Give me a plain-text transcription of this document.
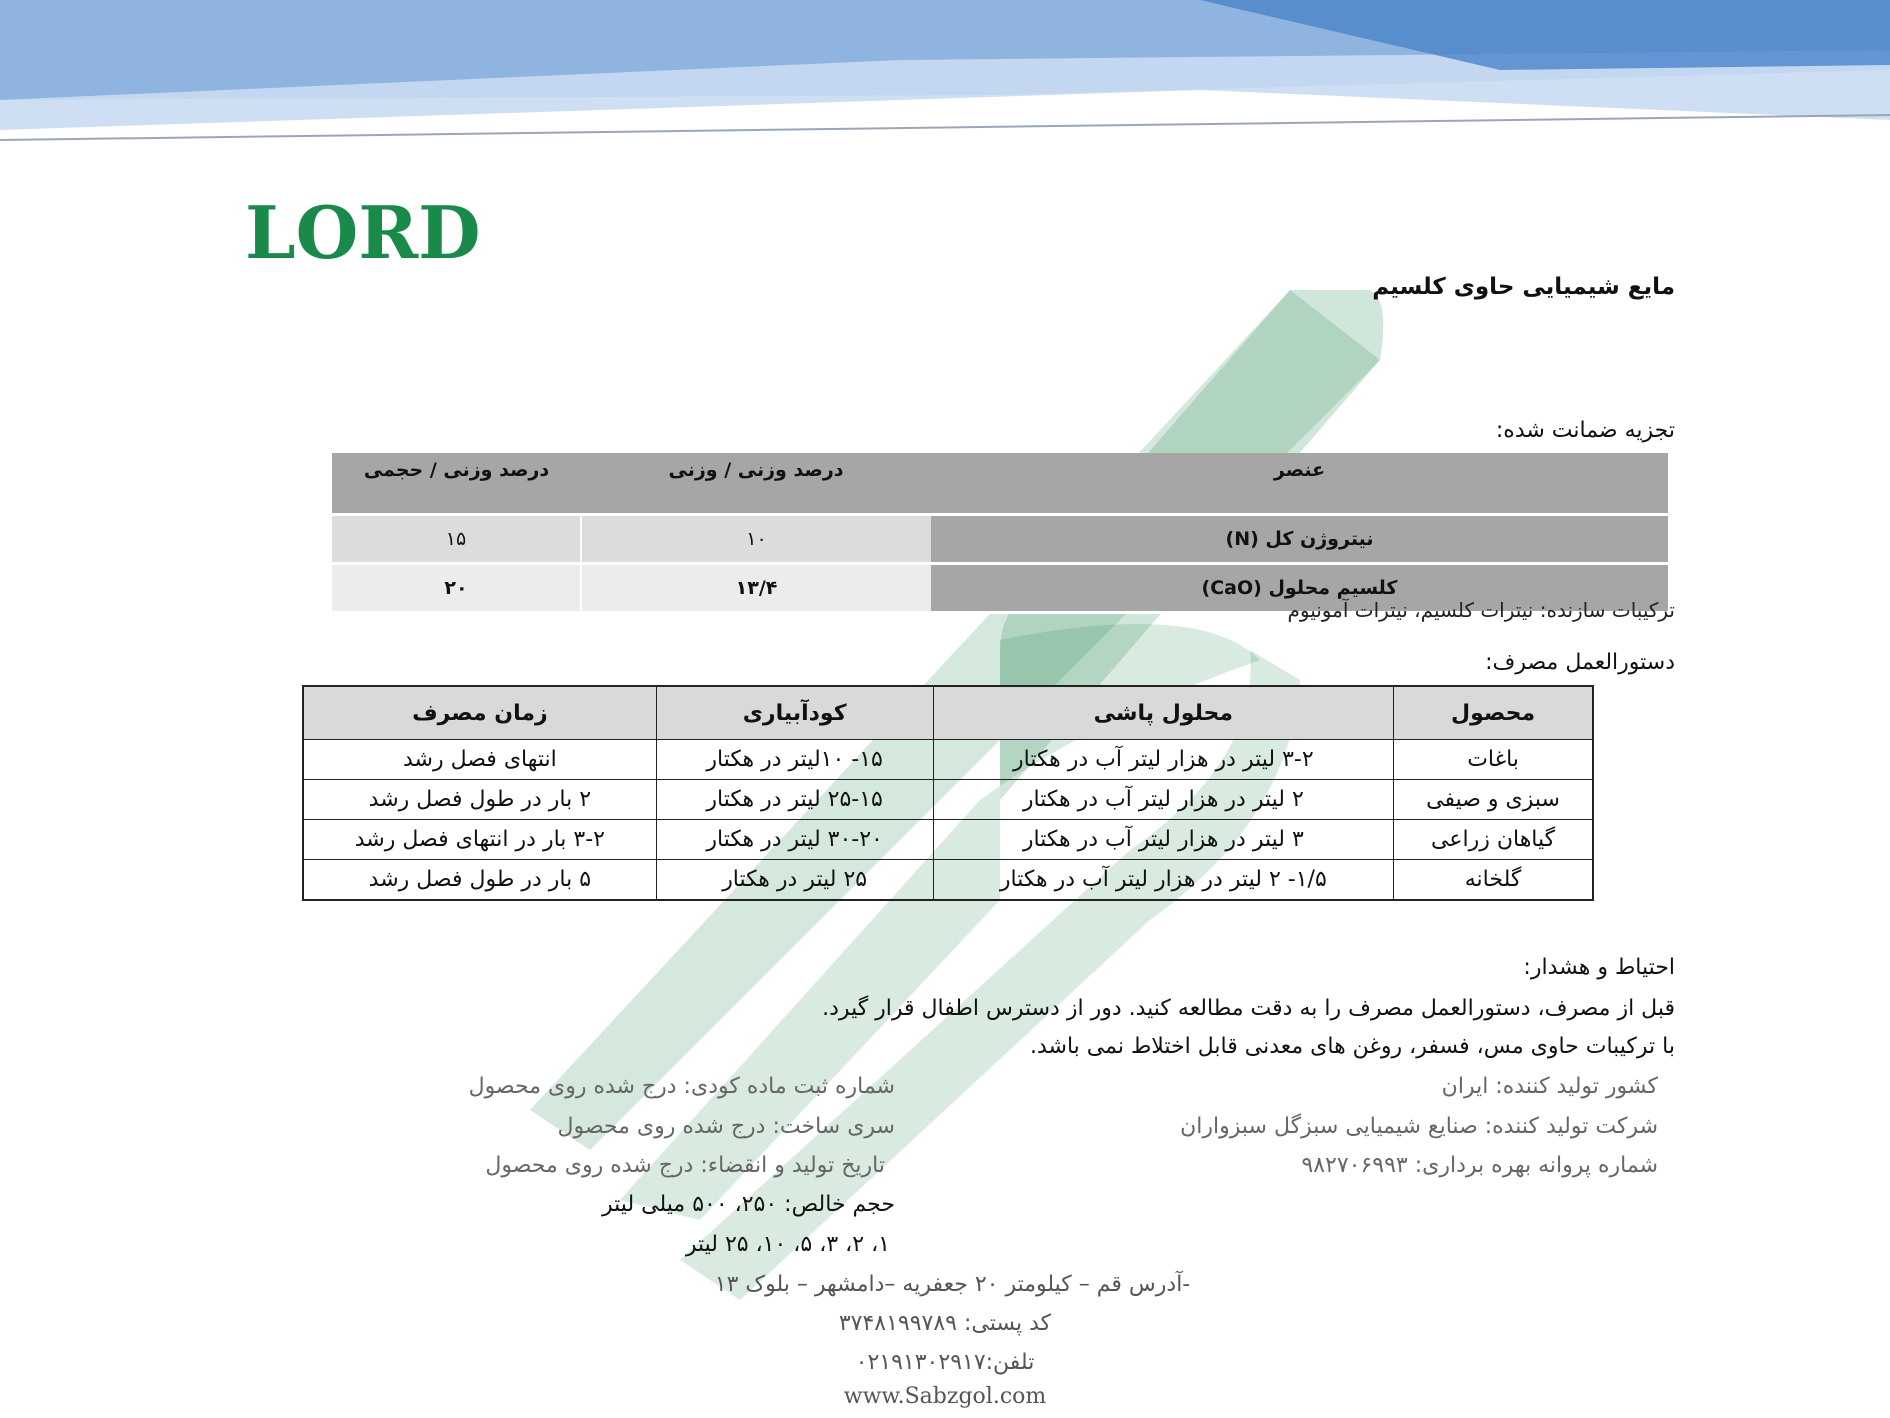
LORD
مایع شیمیایی حاوی کلسیم
تجزیه ضمانت شده:
عنصر	درصد وزنی / وزنی	درصد وزنی / حجمی
نیتروژن کل (N)	۱۰	۱۵
کلسیم محلول (CaO)	۱۳/۴	۲۰
ترکیبات سازنده: نیترات کلسیم، نیترات آمونیوم
دستورالعمل مصرف:
محصول	محلول پاشی	کودآبیاری	زمان مصرف
باغات	۳-۲ لیتر در هزار لیتر آب در هکتار	۱۵- ۱۰لیتر در هکتار	انتهای فصل رشد
سبزی و صیفی	۲ لیتر در هزار لیتر آب در هکتار	۲۵-۱۵ لیتر در هکتار	۲ بار در طول فصل رشد
گیاهان زراعی	۳ لیتر در هزار لیتر آب در هکتار	۳۰-۲۰ لیتر در هکتار	۳-۲ بار در انتهای فصل رشد
گلخانه	۱/۵- ۲ لیتر در هزار لیتر آب در هکتار	۲۵ لیتر در هکتار	۵ بار در طول فصل رشد
احتیاط و هشدار:
قبل از مصرف، دستورالعمل مصرف را به دقت مطالعه کنید. دور از دسترس اطفال قرار گیرد.
با ترکیبات حاوی مس، فسفر، روغن های معدنی قابل اختلاط نمی باشد.
کشور تولید کننده: ایران
شرکت تولید کننده: صنایع شیمیایی سبزگل سبزواران
شماره پروانه بهره برداری: ۹۸۲۷۰۶۹۹۳
شماره ثبت ماده کودی: درج شده روی محصول
سری ساخت: درج شده روی محصول
تاریخ تولید و انقضاء: درج شده روی محصول
حجم خالص: ۲۵۰، ۵۰۰ میلی لیتر
۱، ۲، ۳، ۵، ۱۰، ۲۵ لیتر
-آدرس قم – کیلومتر ۲۰ جعفریه –دامشهر – بلوک ۱۳
کد پستی: ۳۷۴۸۱۹۹۷۸۹
تلفن:۰۲۱۹۱۳۰۲۹۱۷
www.Sabzgol.com
